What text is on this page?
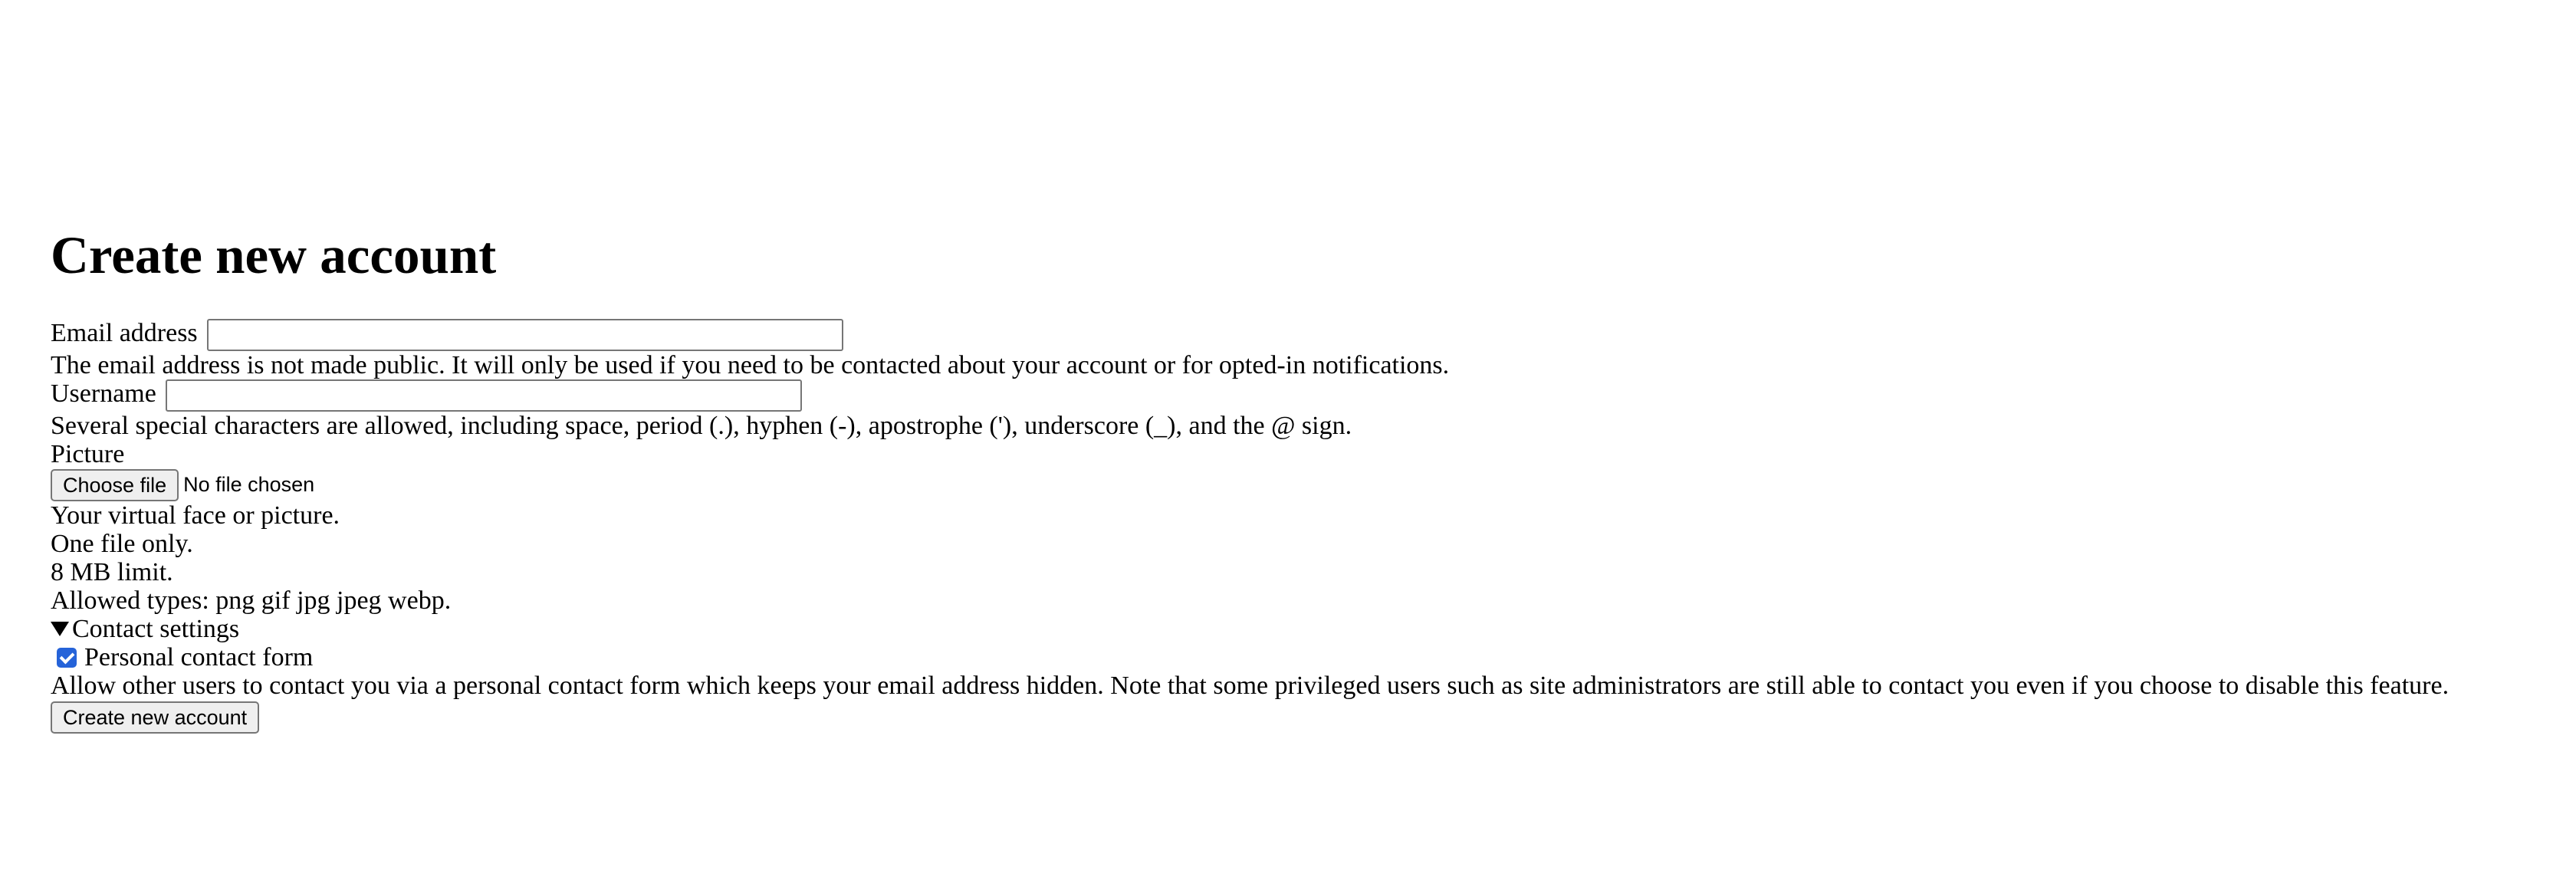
Create new account
Email address
The email address is not made public. It will only be used if you need to be contacted about your account or for opted-in notifications.
Username
Several special characters are allowed, including space, period (.), hyphen (-), apostrophe ('), underscore (_), and the @ sign.
Picture
Choose file No file chosen
Your virtual face or picture.
One file only.
8 MB limit.
Allowed types: png gif jpg jpeg webp.
Contact settings
Personal contact form
Allow other users to contact you via a personal contact form which keeps your email address hidden. Note that some privileged users such as site administrators are still able to contact you even if you choose to disable this feature.
Create new account
